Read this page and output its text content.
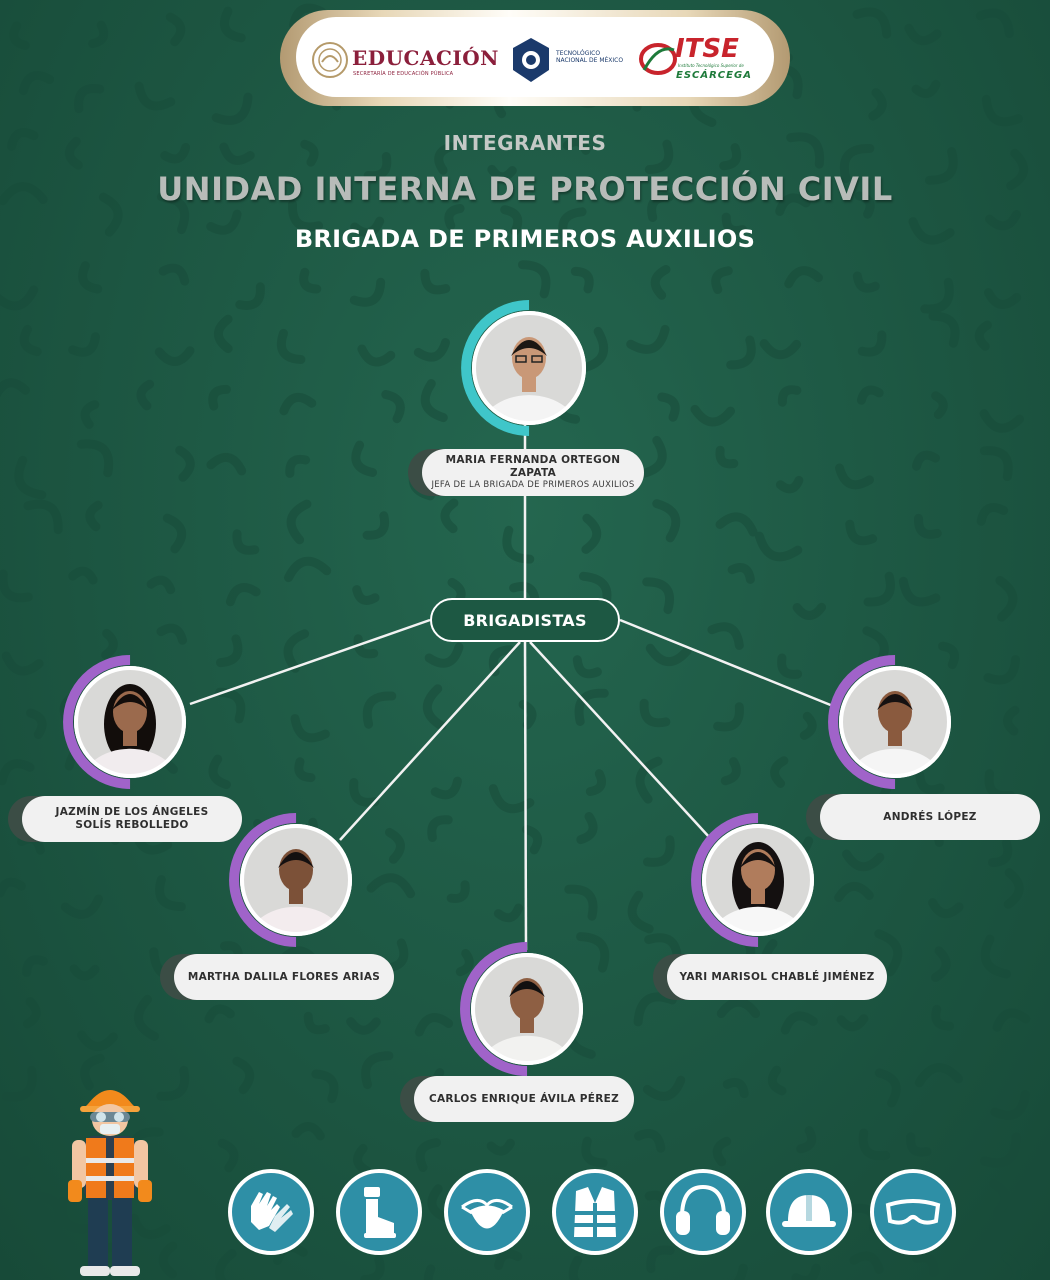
EDUCACIÓN
SECRETARÍA DE EDUCACIÓN PÚBLICA
TECNOLÓGICO
NACIONAL DE MÉXICO ITSE
Instituto Tecnológico Superior de
ESCÁRCEGA
INTEGRANTES
UNIDAD INTERNA DE PROTECCIÓN CIVIL
BRIGADA DE PRIMEROS AUXILIOS
MARIA FERNANDA ORTEGON ZAPATA
JEFA DE LA BRIGADA DE PRIMEROS AUXILIOS
BRIGADISTAS
JAZMÍN DE LOS ÁNGELES
SOLÍS REBOLLEDO
MARTHA DALILA FLORES ARIAS
CARLOS ENRIQUE ÁVILA PÉREZ
YARI MARISOL CHABLÉ JIMÉNEZ
ANDRÉS LÓPEZ
